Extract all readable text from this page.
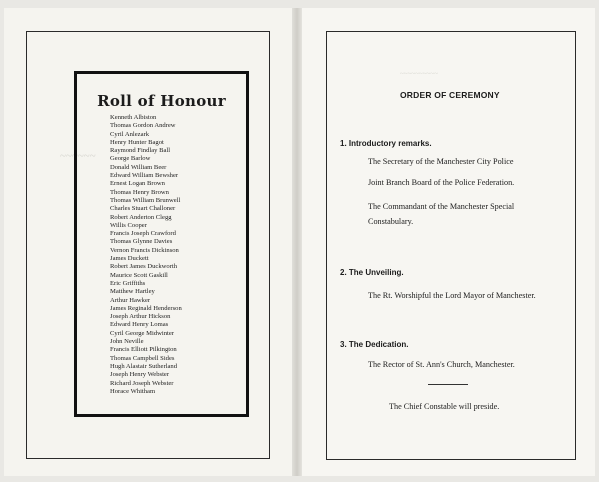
~~~~~~
~~~~~~~~~~
Roll of Honour
Kenneth Albiston
Thomas Gordon Andrew
Cyril Anlezark
Henry Hunter Bagot
Raymond Findlay Ball
George Barlow
Donald William Beer
Edward William Bewsher
Ernest Logan Brown
Thomas Henry Brown
Thomas William Brunwell
Charles Stuart Challoner
Robert Anderton Clegg
Willis Cooper
Francis Joseph Crawford
Thomas Glynne Davies
Vernon Francis Dickinson
James Duckett
Robert James Duckworth
Maurice Scott Gaskill
Eric Griffiths
Matthew Hartley
Arthur Hawker
James Reginald Henderson
Joseph Arthur Hickson
Edward Henry Lomas
Cyril George Midwinter
John Neville
Francis Elliott Pilkington
Thomas Campbell Sides
Hugh Alastair Sutherland
Joseph Henry Webster
Richard Joseph Webster
Horace Whitham
ORDER OF CEREMONY
1. Introductory remarks.
The Secretary of the Manchester City Police
Joint Branch Board of the Police Federation.
The Commandant of the Manchester Special
Constabulary.
2. The Unveiling.
The Rt. Worshipful the Lord Mayor of Manchester.
3. The Dedication.
The Rector of St. Ann's Church, Manchester.
The Chief Constable will preside.
